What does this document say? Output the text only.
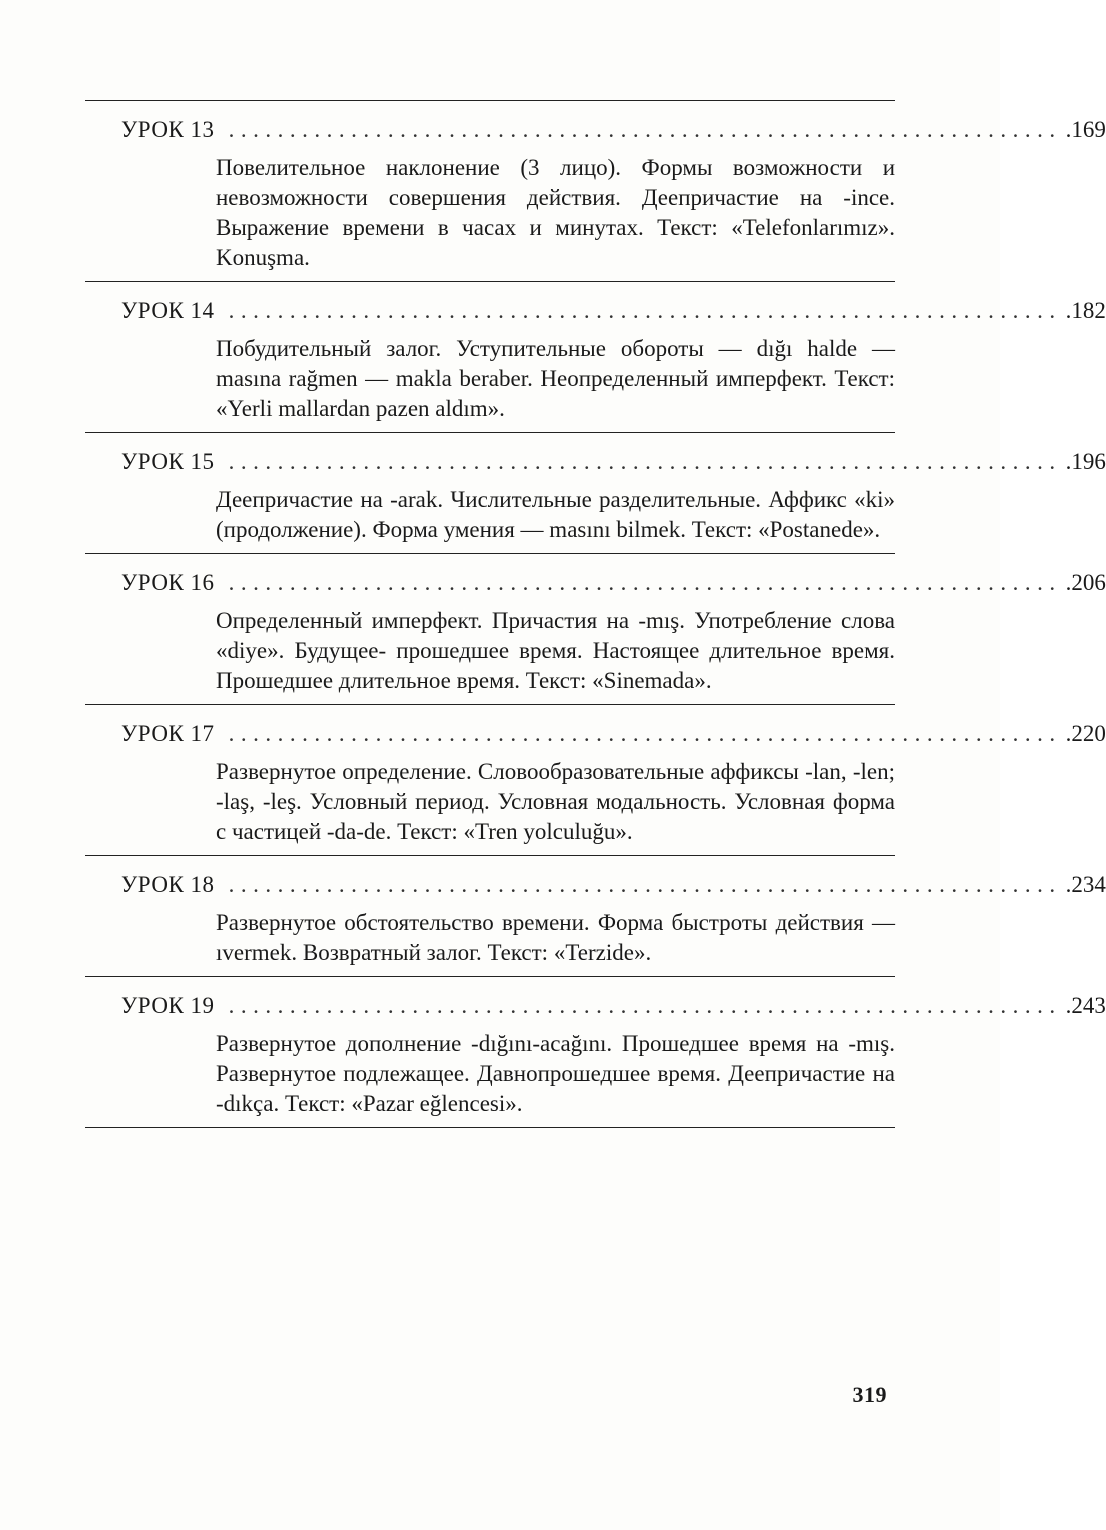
УРОК 13 .................................................................... .169
Повелительное наклонение (3 лицо). Формы возможности и невозможности совершения действия. Деепричастие на -ince. Выражение времени в часах и минутах. Текст: «Telefonlarımız». Konuşma.
УРОК 14 .................................................................... .182
Побудительный залог. Уступительные обороты — dığı halde — masına rağmen — makla beraber. Неопределенный имперфект. Текст: «Yerli mallardan pazen aldım».
УРОК 15 .................................................................... .196
Деепричастие на -arak. Числительные разделительные. Аффикс «ki» (продолжение). Форма умения — masını bilmek. Текст: «Postanede».
УРОК 16 .................................................................... .206
Определенный имперфект. Причастия на -mış. Употребление слова «diye». Будущее- прошедшее время. Настоящее длительное время. Прошедшее длительное время. Текст: «Sinemada».
УРОК 17 .................................................................... .220
Развернутое определение. Словообразовательные аффиксы -lan, -len; -laş, -leş. Условный период. Условная модальность. Условная форма с частицей -da-de. Текст: «Tren yolculuğu».
УРОК 18 .................................................................... .234
Развернутое обстоятельство времени. Форма быстроты действия — ıvermek. Возвратный залог. Текст: «Terzide».
УРОК 19 .................................................................... .243
Развернутое дополнение -dığını-acağını. Прошедшее время на -mış. Развернутое подлежащее. Давнопрошедшее время. Деепричастие на -dıkça. Текст: «Pazar eğlencesi».
319
